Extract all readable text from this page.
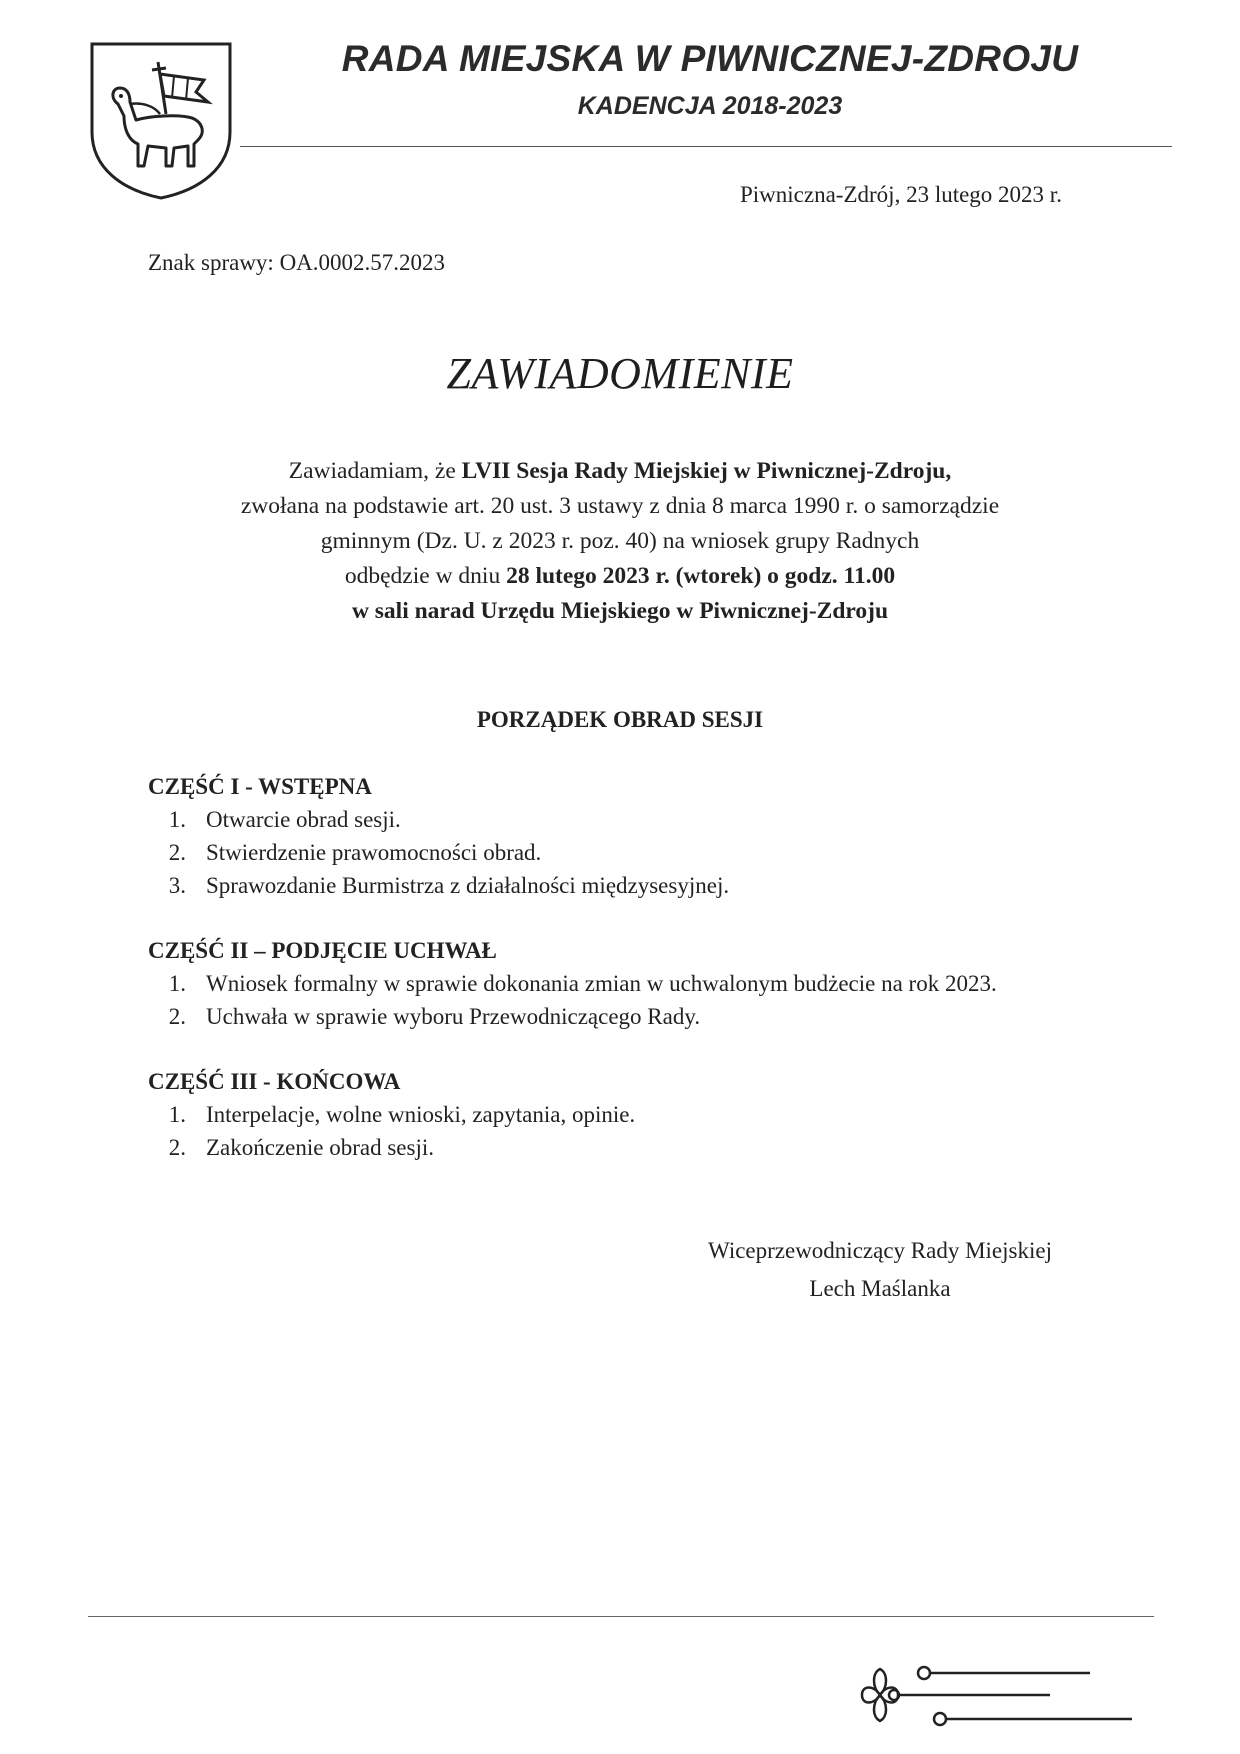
RADA MIEJSKA W PIWNICZNEJ-ZDROJU
KADENCJA 2018-2023
Piwniczna-Zdrój, 23 lutego 2023 r.
Znak sprawy: OA.0002.57.2023
ZAWIADOMIENIE
Zawiadamiam, że LVII Sesja Rady Miejskiej w Piwnicznej-Zdroju,
zwołana na podstawie art. 20 ust. 3 ustawy z dnia 8 marca 1990 r. o samorządzie
gminnym (Dz. U. z 2023 r. poz. 40) na wniosek grupy Radnych
odbędzie w dniu 28 lutego 2023 r. (wtorek) o godz. 11.00
w sali narad Urzędu Miejskiego w Piwnicznej-Zdroju
PORZĄDEK OBRAD SESJI
CZĘŚĆ I - WSTĘPNA
1. Otwarcie obrad sesji.
2. Stwierdzenie prawomocności obrad.
3. Sprawozdanie Burmistrza z działalności międzysesyjnej.
CZĘŚĆ II – PODJĘCIE UCHWAŁ
1. Wniosek formalny w sprawie dokonania zmian w uchwalonym budżecie na rok 2023.
2. Uchwała w sprawie wyboru Przewodniczącego Rady.
CZĘŚĆ III - KOŃCOWA
1. Interpelacje, wolne wnioski, zapytania, opinie.
2. Zakończenie obrad sesji.
Wiceprzewodniczący Rady Miejskiej
Lech Maślanka
